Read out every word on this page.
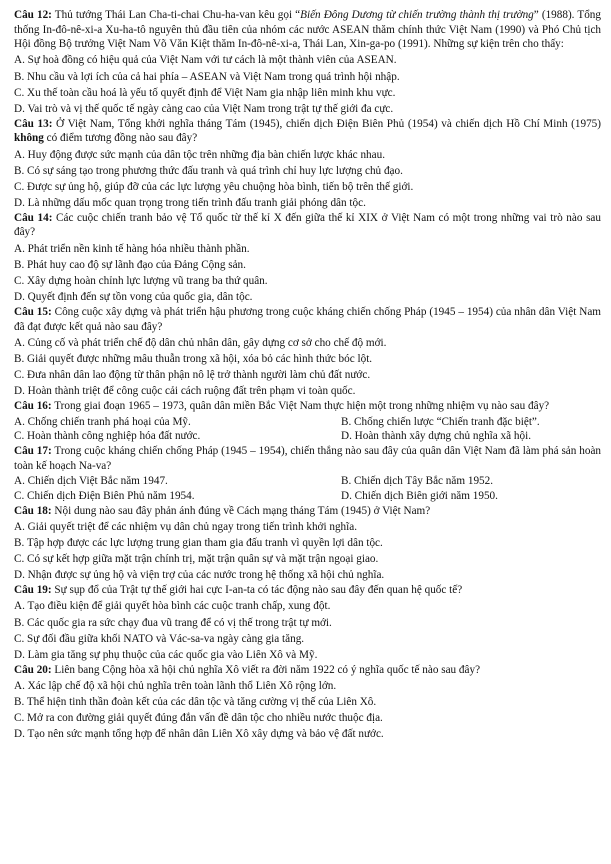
Câu 12: Thủ tướng Thái Lan Cha-ti-chai Chu-ha-van kêu gọi “Biến Đông Dương từ chiến trường thành thị trường” (1988). Tổng thống In-đô-nê-xi-a Xu-ha-tô nguyên thủ đầu tiên của nhóm các nước ASEAN thăm chính thức Việt Nam (1990) và Phó Chủ tịch Hội đồng Bộ trưởng Việt Nam Võ Văn Kiệt thăm In-đô-nê-xi-a, Thái Lan, Xin-ga-po (1991). Những sự kiện trên cho thấy:

A. Sự hoà đồng có hiệu quả của Việt Nam với tư cách là một thành viên của ASEAN.

B. Nhu cầu và lợi ích của cả hai phía – ASEAN và Việt Nam trong quá trình hội nhập.

C. Xu thế toàn cầu hoá là yếu tố quyết định để Việt Nam gia nhập liên minh khu vực.

D. Vai trò và vị thế quốc tế ngày càng cao của Việt Nam trong trật tự thế giới đa cực.

Câu 13: Ở Việt Nam, Tổng khởi nghĩa tháng Tám (1945), chiến dịch Điện Biên Phủ (1954) và chiến dịch Hồ Chí Minh (1975) không có điểm tương đồng nào sau đây?

A. Huy động được sức mạnh của dân tộc trên những địa bàn chiến lược khác nhau.

B. Có sự sáng tạo trong phương thức đấu tranh và quá trình chỉ huy lực lượng chủ đạo.

C. Được sự ủng hộ, giúp đỡ của các lực lượng yêu chuộng hòa bình, tiến bộ trên thế giới.

D. Là những dấu mốc quan trọng trong tiến trình đấu tranh giải phóng dân tộc.

Câu 14: Các cuộc chiến tranh bảo vệ Tổ quốc từ thế kỉ X đến giữa thế kỉ XIX ở Việt Nam có một trong những vai trò nào sau đây?

A. Phát triển nền kinh tế hàng hóa nhiều thành phần.

B. Phát huy cao độ sự lãnh đạo của Đảng Cộng sản.

C. Xây dựng hoàn chỉnh lực lượng vũ trang ba thứ quân.

D. Quyết định đến sự tồn vong của quốc gia, dân tộc.

Câu 15: Công cuộc xây dựng và phát triển hậu phương trong cuộc kháng chiến chống Pháp (1945 – 1954) của nhân dân Việt Nam đã đạt được kết quả nào sau đây?

A. Củng cố và phát triển chế độ dân chủ nhân dân, gây dựng cơ sở cho chế độ mới.

B. Giải quyết được những mâu thuẫn trong xã hội, xóa bỏ các hình thức bóc lột.

C. Đưa nhân dân lao động từ thân phận nô lệ trở thành người làm chủ đất nước.

D. Hoàn thành triệt để công cuộc cải cách ruộng đất trên phạm vi toàn quốc.

Câu 16: Trong giai đoạn 1965 – 1973, quân dân miền Bắc Việt Nam thực hiện một trong những nhiệm vụ nào sau đây?

A. Chống chiến tranh phá hoại của Mỹ.	B. Chống chiến lược “Chiến tranh đặc biệt”.

C. Hoàn thành công nghiệp hóa đất nước.	D. Hoàn thành xây dựng chủ nghĩa xã hội.

Câu 17: Trong cuộc kháng chiến chống Pháp (1945 – 1954), chiến thắng nào sau đây của quân dân Việt Nam đã làm phá sản hoàn toàn kế hoạch Na-va?

A. Chiến dịch Việt Bắc năm 1947.	B. Chiến dịch Tây Bắc năm 1952.

C. Chiến dịch Điện Biên Phủ năm 1954.	D. Chiến dịch Biên giới năm 1950.

Câu 18: Nội dung nào sau đây phản ánh đúng về Cách mạng tháng Tám (1945) ở Việt Nam?

A. Giải quyết triệt để các nhiệm vụ dân chủ ngay trong tiến trình khởi nghĩa.

B. Tập hợp được các lực lượng trung gian tham gia đấu tranh vì quyền lợi dân tộc.

C. Có sự kết hợp giữa mặt trận chính trị, mặt trận quân sự và mặt trận ngoại giao.

D. Nhận được sự ủng hộ và viện trợ của các nước trong hệ thống xã hội chủ nghĩa.

Câu 19: Sự sụp đổ của Trật tự thế giới hai cực I-an-ta có tác động nào sau đây đến quan hệ quốc tế?

A. Tạo điều kiện để giải quyết hòa bình các cuộc tranh chấp, xung đột.

B. Các quốc gia ra sức chạy đua vũ trang để có vị thế trong trật tự mới.

C. Sự đối đầu giữa khối NATO và Vác-sa-va ngày càng gia tăng.

D. Làm gia tăng sự phụ thuộc của các quốc gia vào Liên Xô và Mỹ.

Câu 20: Liên bang Cộng hòa xã hội chủ nghĩa Xô viết ra đời năm 1922 có ý nghĩa quốc tế nào sau đây?

A. Xác lập chế độ xã hội chủ nghĩa trên toàn lãnh thổ Liên Xô rộng lớn.

B. Thể hiện tinh thần đoàn kết của các dân tộc và tăng cường vị thế của Liên Xô.

C. Mở ra con đường giải quyết đúng đắn vấn đề dân tộc cho nhiều nước thuộc địa.

D. Tạo nên sức mạnh tổng hợp để nhân dân Liên Xô xây dựng và bảo vệ đất nước.
